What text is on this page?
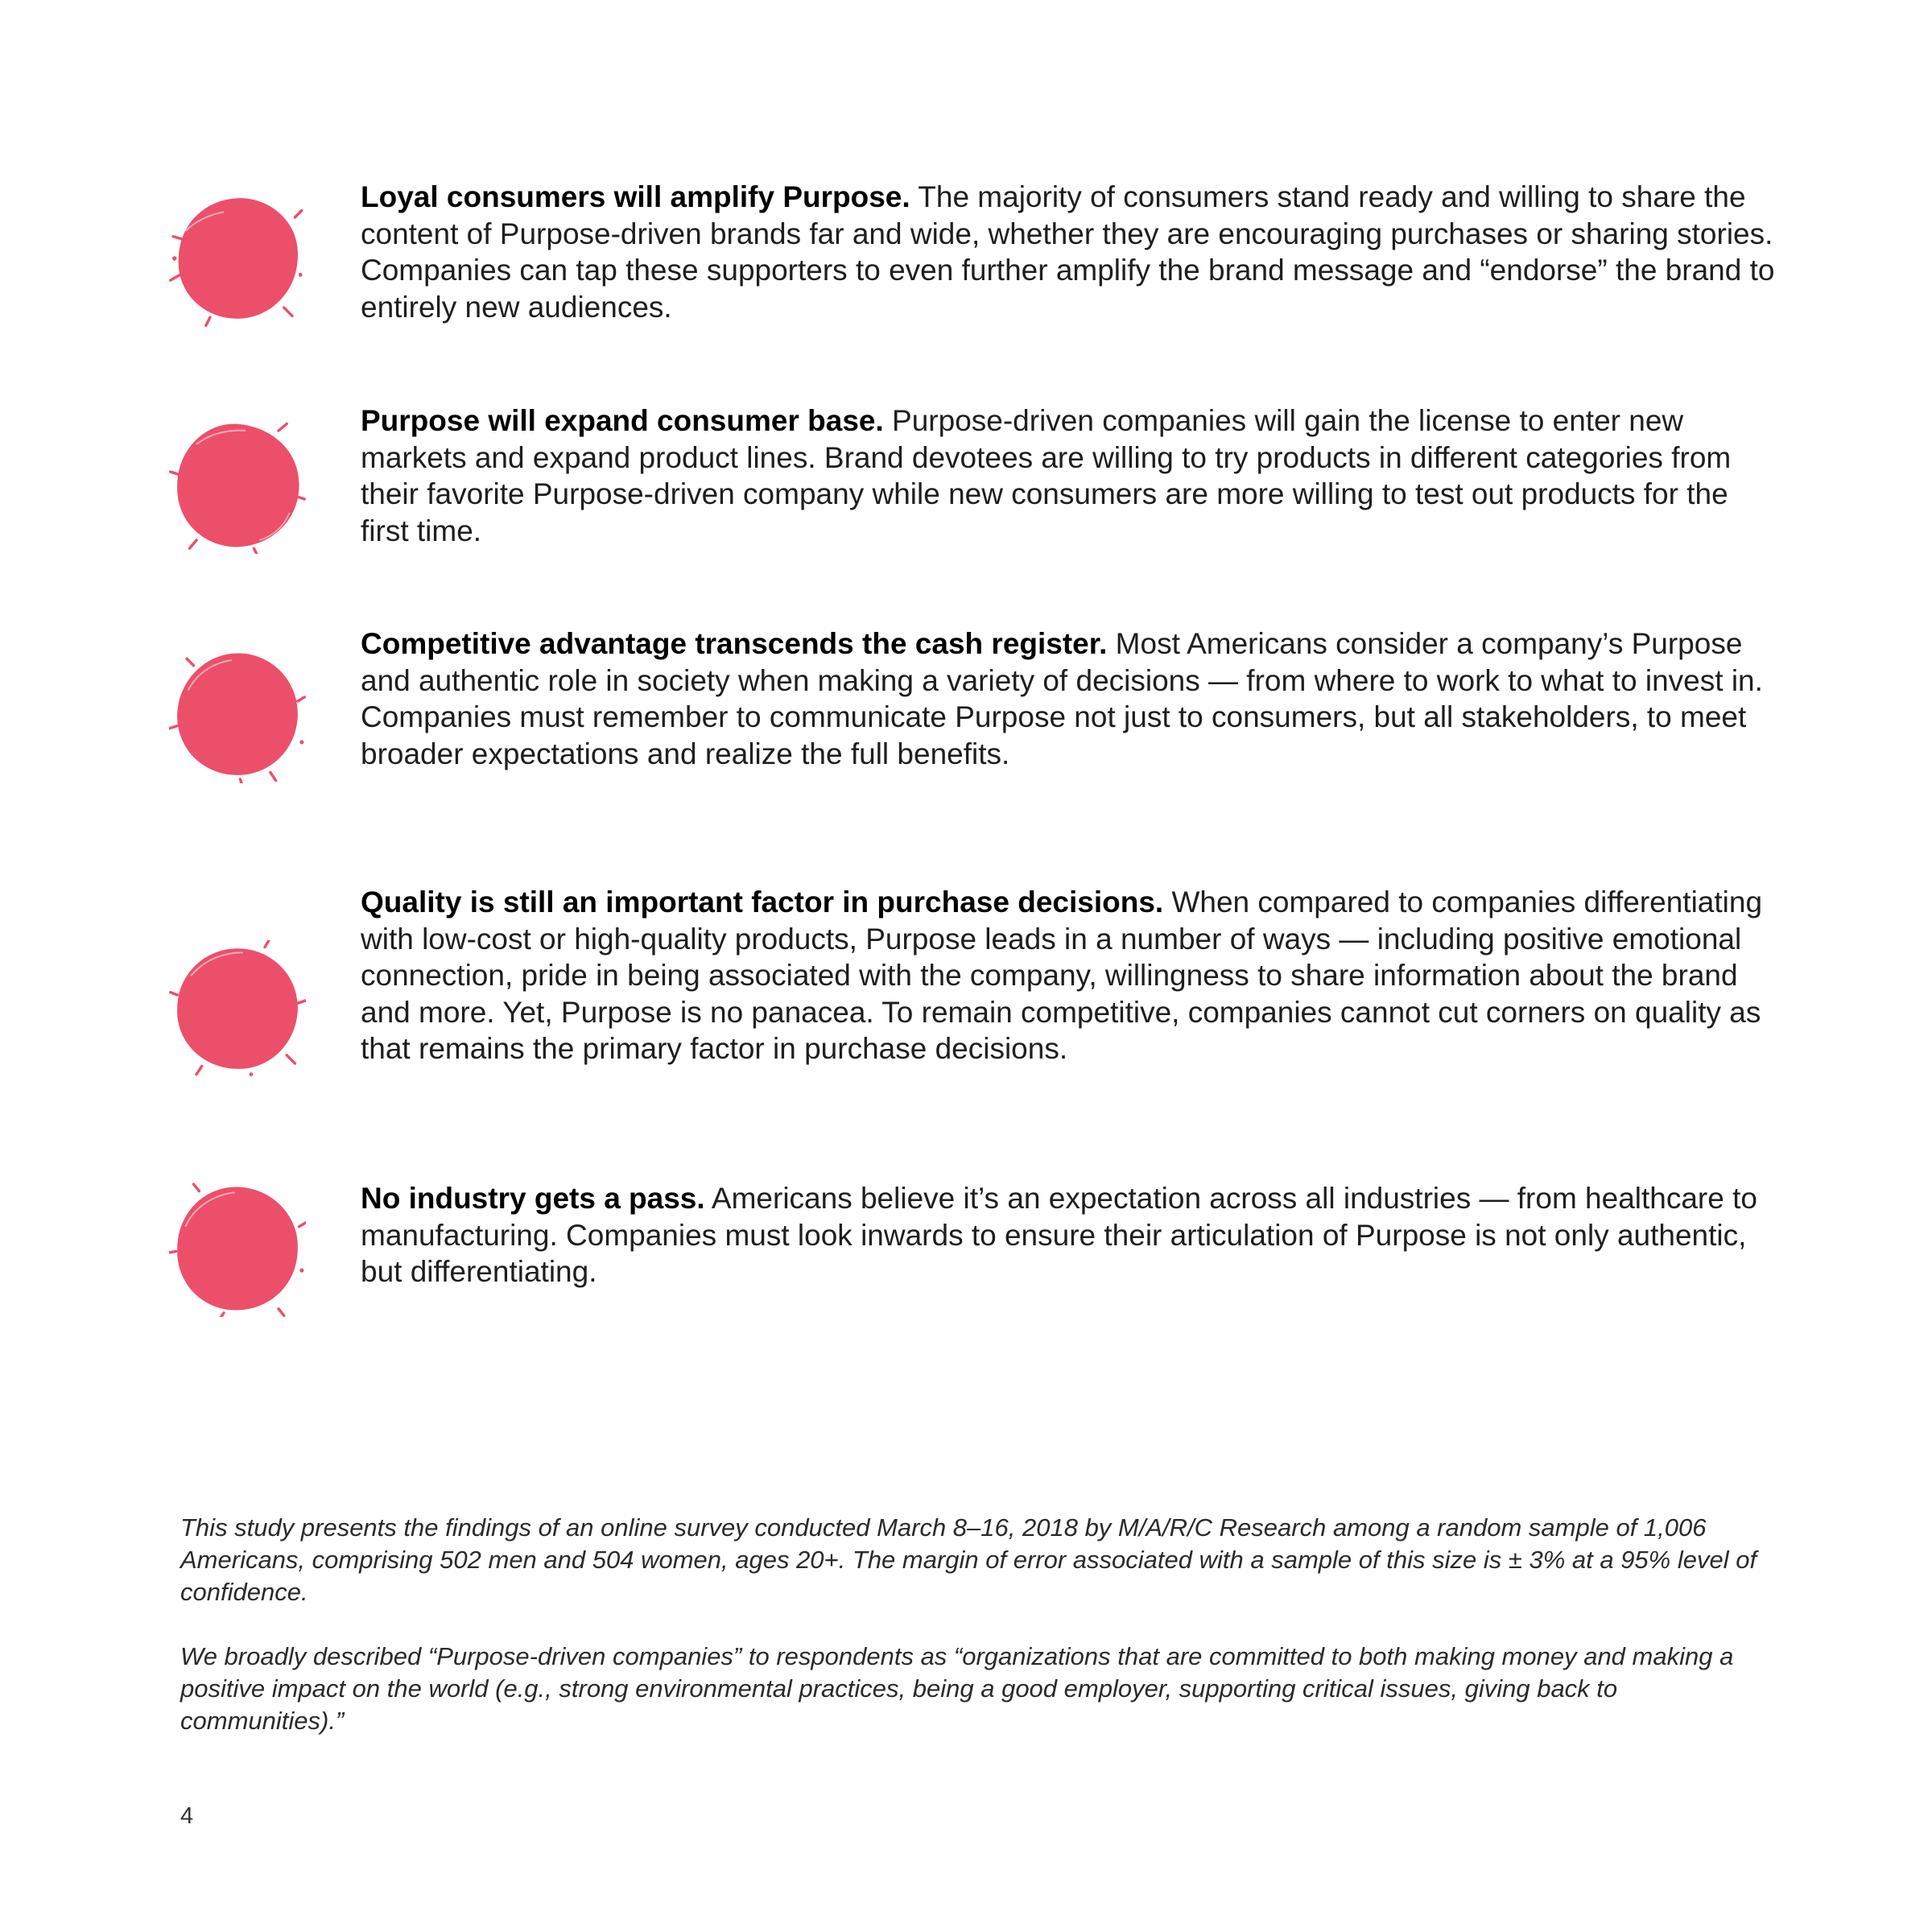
Loyal consumers will amplify Purpose. The majority of consumers stand ready and willing to share the content of Purpose-driven brands far and wide, whether they are encouraging purchases or sharing stories. Companies can tap these supporters to even further amplify the brand message and “endorse” the brand to entirely new audiences.

Purpose will expand consumer base. Purpose-driven companies will gain the license to enter new markets and expand product lines. Brand devotees are willing to try products in different categories from their favorite Purpose-driven company while new consumers are more willing to test out products for the first time.

Competitive advantage transcends the cash register. Most Americans consider a company’s Purpose and authentic role in society when making a variety of decisions — from where to work to what to invest in. Companies must remember to communicate Purpose not just to consumers, but all stakeholders, to meet broader expectations and realize the full benefits.

Quality is still an important factor in purchase decisions. When compared to companies differentiating with low-cost or high-quality products, Purpose leads in a number of ways — including positive emotional connection, pride in being associated with the company, willingness to share information about the brand and more. Yet, Purpose is no panacea. To remain competitive, companies cannot cut corners on quality as that remains the primary factor in purchase decisions.

No industry gets a pass. Americans believe it’s an expectation across all industries — from healthcare to manufacturing. Companies must look inwards to ensure their articulation of Purpose is not only authentic, but differentiating.

This study presents the findings of an online survey conducted March 8–16, 2018 by M/A/R/C Research among a random sample of 1,006 Americans, comprising 502 men and 504 women, ages 20+. The margin of error associated with a sample of this size is ± 3% at a 95% level of confidence.

We broadly described “Purpose-driven companies” to respondents as “organizations that are committed to both making money and making a positive impact on the world (e.g., strong environmental practices, being a good employer, supporting critical issues, giving back to communities).”

4
